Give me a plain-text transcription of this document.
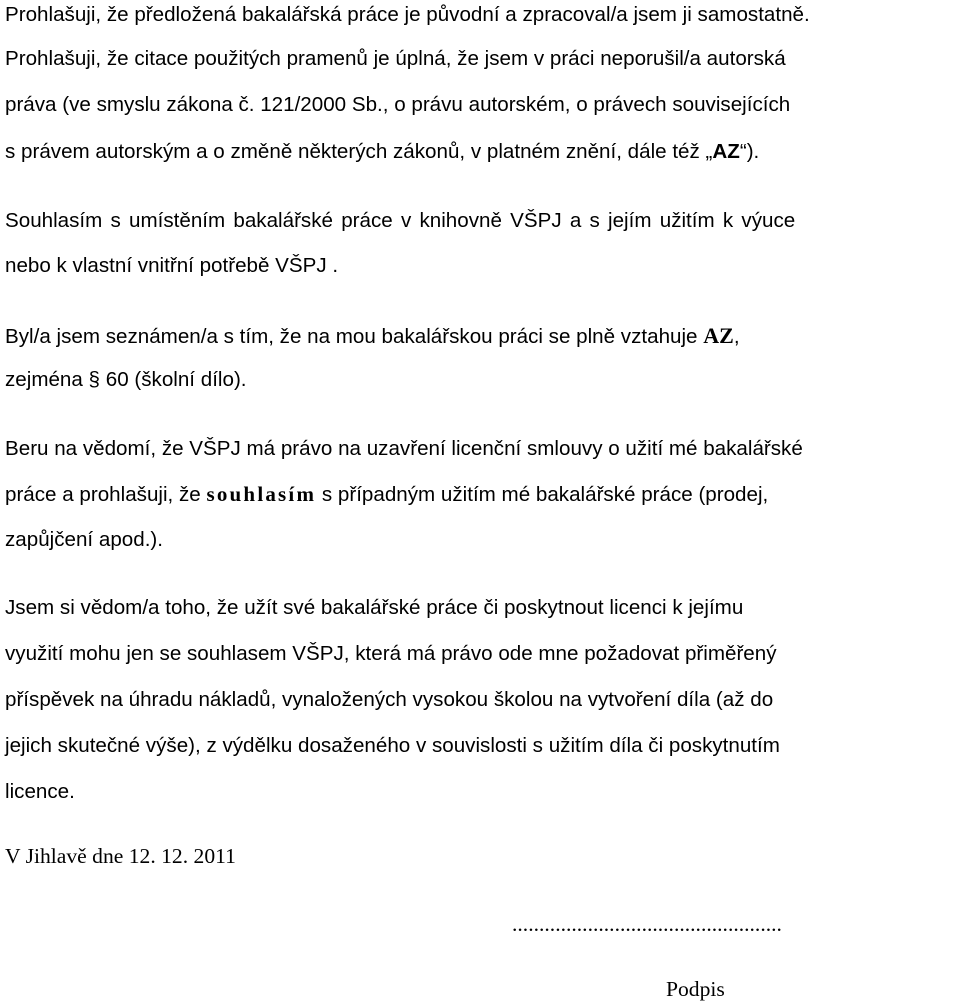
Prohlašuji, že předložená bakalářská práce je původní a zpracoval/a jsem ji samostatně.
Prohlašuji, že citace použitých pramenů je úplná, že jsem v práci neporušil/a autorská
práva (ve smyslu zákona č. 121/2000 Sb., o právu autorském, o právech souvisejících
s právem autorským a o změně některých zákonů, v platném znění, dále též „AZ“).
Souhlasím s umístěním bakalářské práce v knihovně VŠPJ a s jejím užitím k výuce
nebo k vlastní vnitřní potřebě VŠPJ .
Byl/a jsem seznámen/a s tím, že na mou bakalářskou práci se plně vztahuje AZ,
zejména § 60 (školní dílo).
Beru na vědomí, že VŠPJ má právo na uzavření licenční smlouvy o užití mé bakalářské
práce a prohlašuji, že souhlasím s případným užitím mé bakalářské práce (prodej,
zapůjčení apod.).
Jsem si vědom/a toho, že užít své bakalářské práce či poskytnout licenci k jejímu
využití mohu jen se souhlasem VŠPJ, která má právo ode mne požadovat přiměřený
příspěvek na úhradu nákladů, vynaložených vysokou školou na vytvoření díla (až do
jejich skutečné výše), z výdělku dosaženého v souvislosti s užitím díla či poskytnutím
licence.
V Jihlavě dne 12. 12. 2011
..................................................
Podpis
